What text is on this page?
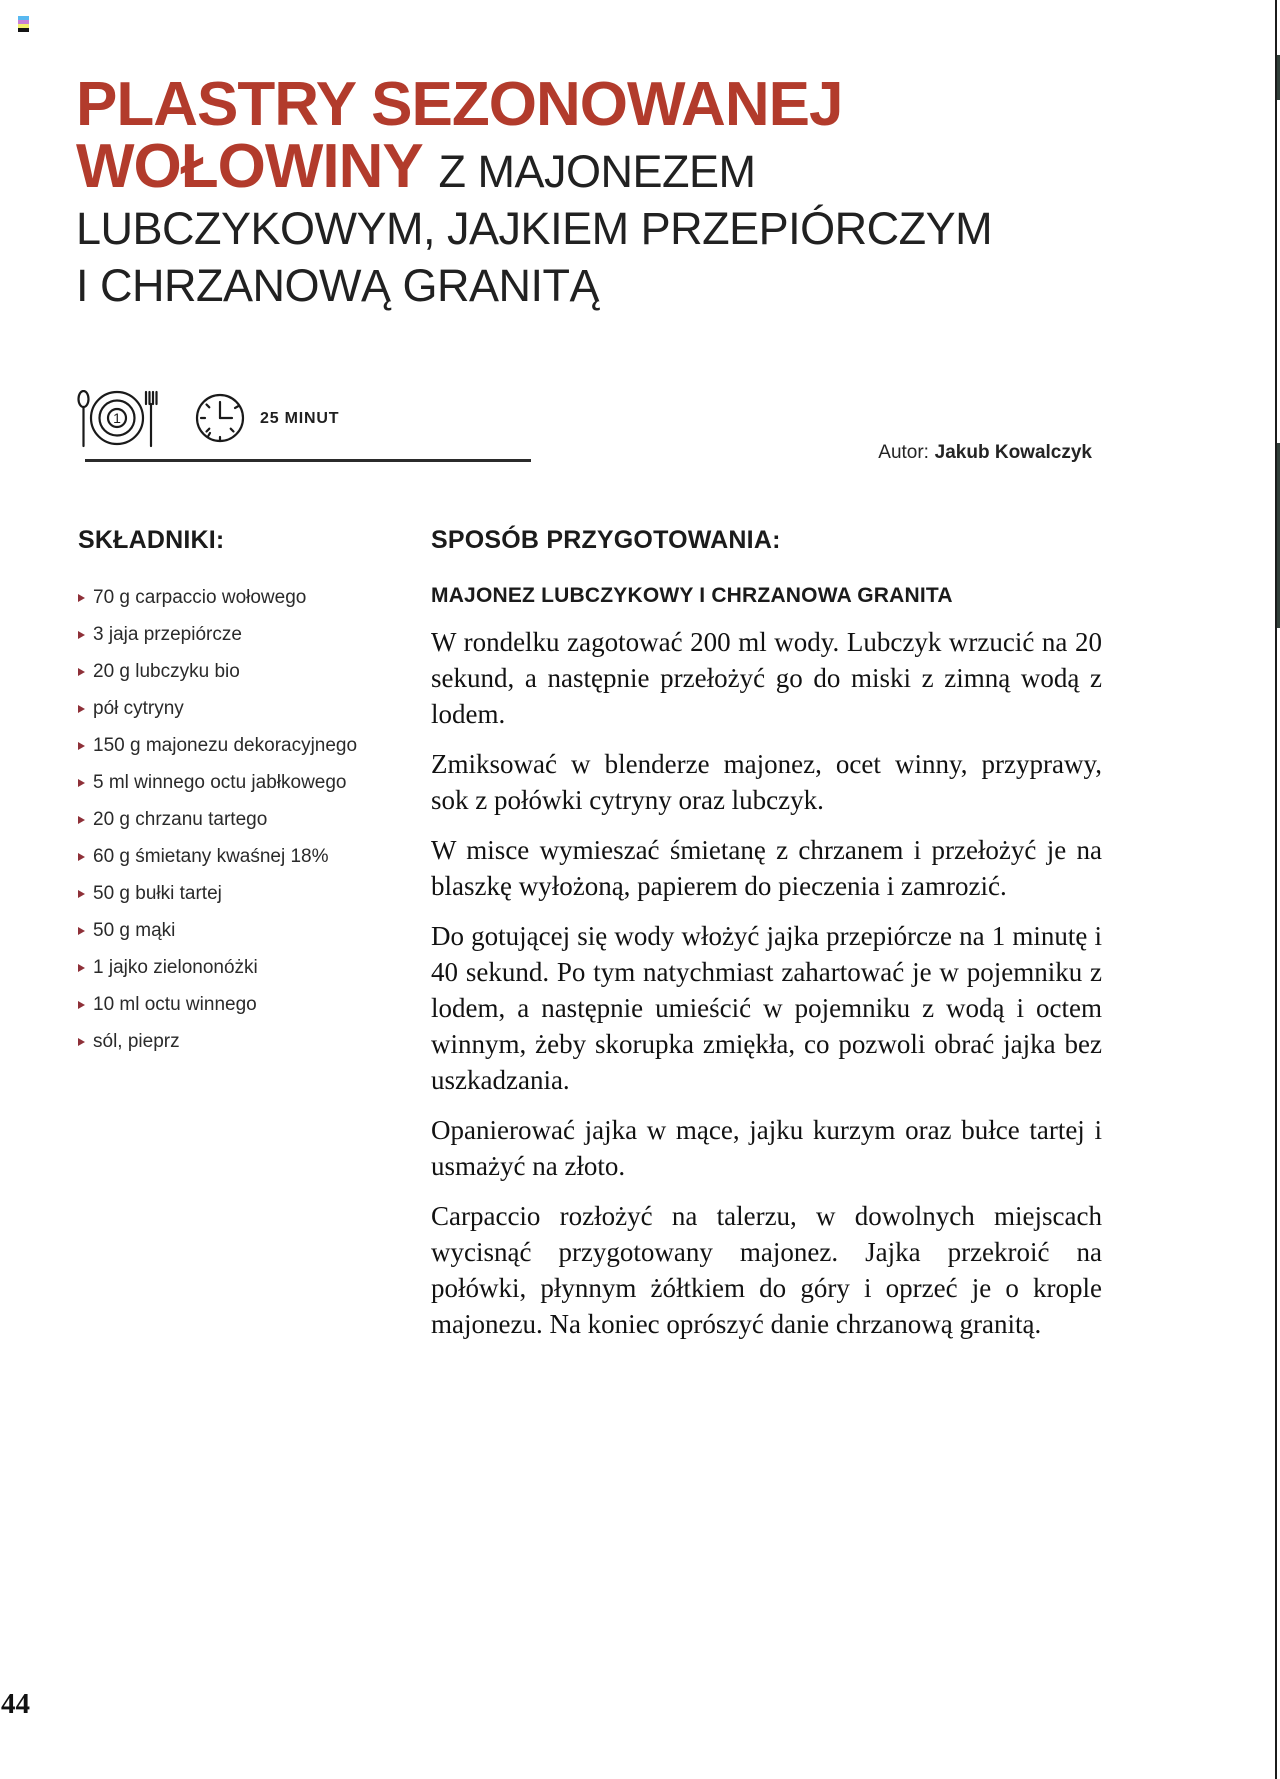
PLASTRY SEZONOWANEJ
WOŁOWINY Z MAJONEZEM
LUBCZYKOWYM, JAJKIEM PRZEPIÓRCZYM
I CHRZANOWĄ GRANITĄ
1	25 MINUT
Autor: Jakub Kowalczyk
SKŁADNIKI:
70 g carpaccio wołowego
3 jaja przepiórcze
20 g lubczyku bio
pół cytryny
150 g majonezu dekoracyjnego
5 ml winnego octu jabłkowego
20 g chrzanu tartego
60 g śmietany kwaśnej 18%
50 g bułki tartej
50 g mąki
1 jajko zielononóżki
10 ml octu winnego
sól, pieprz
SPOSÓB PRZYGOTOWANIA:
MAJONEZ LUBCZYKOWY I CHRZANOWA GRANITA

W rondelku zagotować 200 ml wody. Lubczyk wrzucić na 20 sekund, a następnie przełożyć go do miski z zimną wodą z lodem.

Zmiksować w blenderze majonez, ocet winny, przyprawy, sok z połówki cytryny oraz lubczyk.

W misce wymieszać śmietanę z chrzanem i przełożyć je na blaszkę wyłożoną, papierem do pieczenia i zamrozić.

Do gotującej się wody włożyć jajka przepiórcze na 1 minutę i 40 sekund. Po tym natychmiast zahartować je w pojemniku z lodem, a następnie umieścić w pojemniku z wodą i octem winnym, żeby skorupka zmiękła, co pozwoli obrać jajka bez uszkadzania.

Opanierować jajka w mące, jajku kurzym oraz bułce tartej i usmażyć na złoto.

Carpaccio rozłożyć na talerzu, w dowolnych miejscach wycisnąć przygotowany majonez. Jajka przekroić na połówki, płynnym żółtkiem do góry i oprzeć je o krople majonezu. Na koniec oprószyć danie chrzanową granitą.

44
